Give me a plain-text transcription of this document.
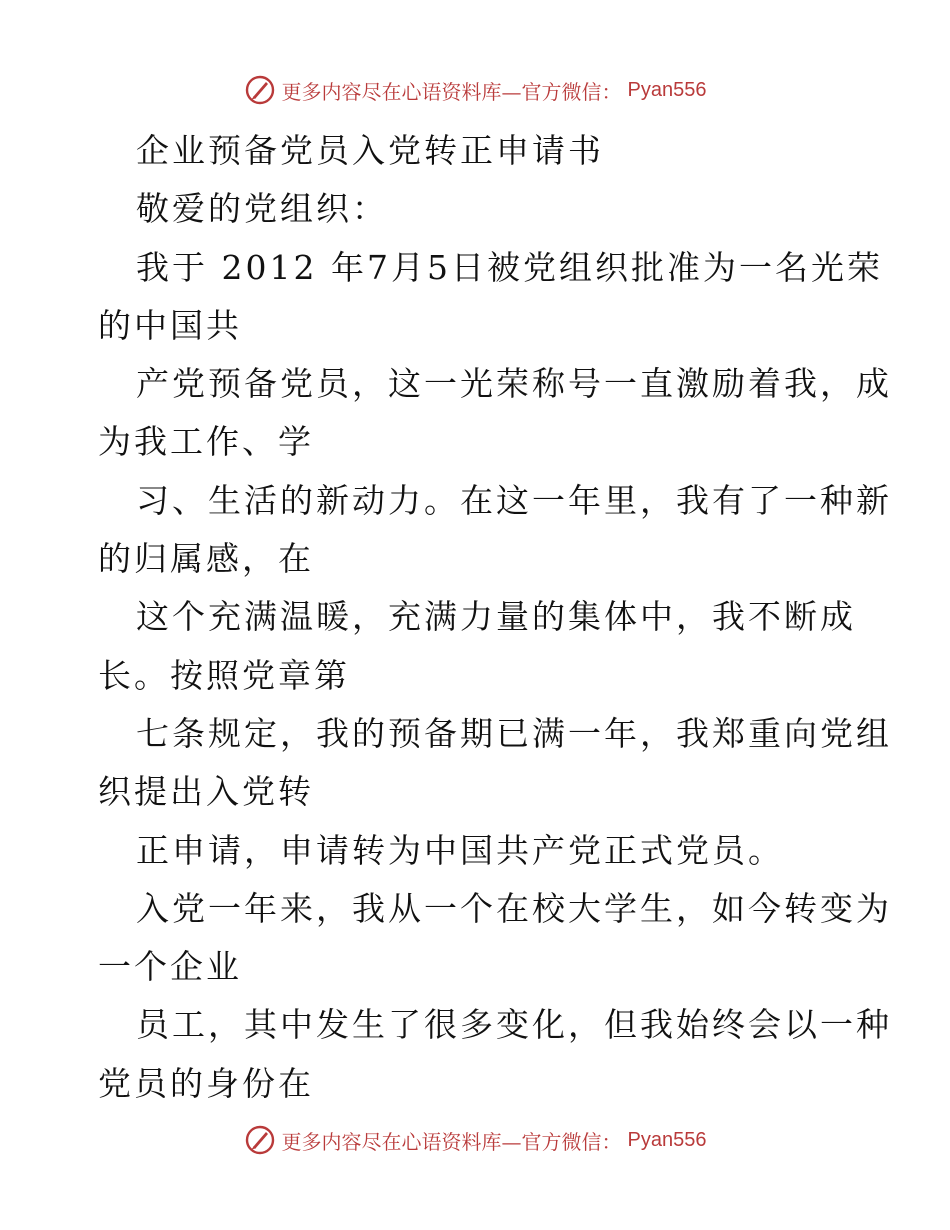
更多内容尽在心语资料库—官方微信： Pyan556
企业预备党员入党转正申请书
敬爱的党组织：
我于 2012 年7月5日被党组织批准为一名光荣
的中国共
产党预备党员，这一光荣称号一直激励着我，成
为我工作、学
习、生活的新动力。在这一年里，我有了一种新
的归属感，在
这个充满温暖，充满力量的集体中，我不断成
长。按照党章第
七条规定，我的预备期已满一年，我郑重向党组
织提出入党转
正申请，申请转为中国共产党正式党员。
入党一年来，我从一个在校大学生，如今转变为
一个企业
员工，其中发生了很多变化，但我始终会以一种
党员的身份在
更多内容尽在心语资料库—官方微信： Pyan556
